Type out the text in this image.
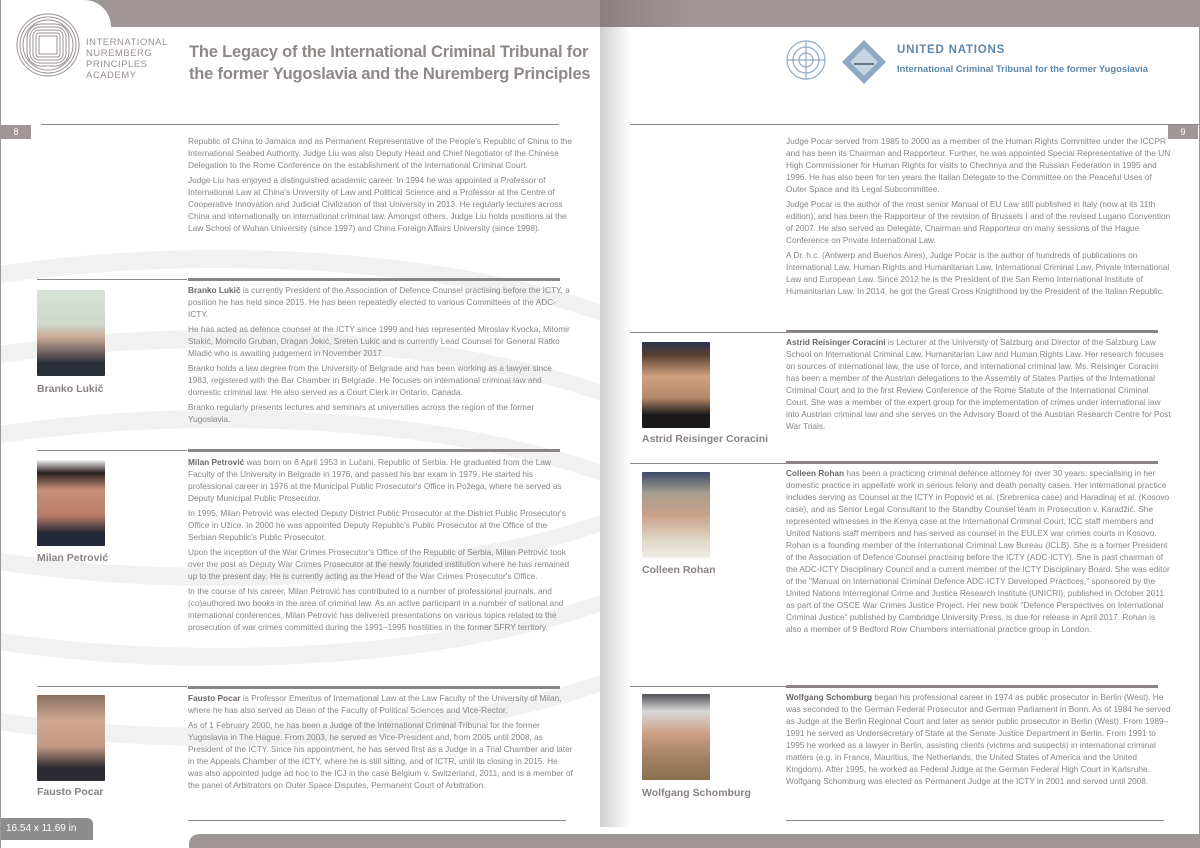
INTERNATIONAL
NUREMBERG
PRINCIPLES
ACADEMY
The Legacy of the International Criminal Tribunal for
the former Yugoslavia and the Nuremberg Principles
8

Republic of China to Jamaica and as Permanent Representative of the People's Republic of China to the International Seabed Authority. Judge Liu was also Deputy Head and Chief Negotiator of the Chinese Delegation to the Rome Conference on the establishment of the International Criminal Court.

Judge Liu has enjoyed a distinguished academic career. In 1994 he was appointed a Professor of International Law at China's University of Law and Political Science and a Professor at the Centre of Cooperative Innovation and Judicial Civilization of that University in 2013. He regularly lectures across China and internationally on international criminal law. Amongst others, Judge Liu holds positions at the Law School of Wuhan University (since 1997) and China Foreign Affairs University (since 1998).

Branko Lukič

Branko Lukič is currently President of the Association of Defence Counsel practising before the ICTY, a position he has held since 2015. He has been repeatedly elected to various Committees of the ADC-ICTY.

He has acted as defence counsel at the ICTY since 1999 and has represented Miroslav Kvocka, Milomir Stakić, Momcilo Gruban, Dragan Jokić, Sreten Lukić and is currently Lead Counsel for General Ratko Mladić who is awaiting judgement in November 2017.

Branko holds a law degree from the University of Belgrade and has been working as a lawyer since 1983, registered with the Bar Chamber in Belgrade. He focuses on international criminal law and domestic criminal law. He also served as a Court Clerk in Ontario, Canada.

Branko regularly presents lectures and seminars at universities across the region of the former Yugoslavia.

Milan Petrović

Milan Petrović was born on 6 April 1953 in Lučani, Republic of Serbia. He graduated from the Law Faculty of the University in Belgrade in 1976, and passed his bar exam in 1979. He started his professional career in 1976 at the Municipal Public Prosecutor's Office in Požega, where he served as Deputy Municipal Public Prosecutor.

In 1995, Milan Petrović was elected Deputy District Public Prosecutor at the District Public Prosecutor's Office in Užice. In 2000 he was appointed Deputy Republic's Public Prosecutor at the Office of the Serbian Republic's Public Prosecutor.

Upon the inception of the War Crimes Prosecutor's Office of the Republic of Serbia, Milan Petrović took over the post as Deputy War Crimes Prosecutor at the newly founded institution where he has remained up to the present day. He is currently acting as the Head of the War Crimes Prosecutor's Office.

In the course of his career, Milan Petrović has contributed to a number of professional journals, and (co)authored two books in the area of criminal law. As an active participant in a number of national and international conferences, Milan Petrović has delivered presentations on various topics related to the prosecution of war crimes committed during the 1991–1995 hostilities in the former SFRY territory.

Fausto Pocar

Fausto Pocar is Professor Emeritus of International Law at the Law Faculty of the University of Milan, where he has also served as Dean of the Faculty of Political Sciences and Vice-Rector.

As of 1 February 2000, he has been a Judge of the International Criminal Tribunal for the former Yugoslavia in The Hague. From 2003, he served as Vice-President and, from 2005 until 2008, as President of the ICTY. Since his appointment, he has served first as a Judge in a Trial Chamber and later in the Appeals Chamber of the ICTY, where he is still sitting, and of ICTR, until its closing in 2015. He was also appointed judge ad hoc to the ICJ in the case Belgium v. Switzerland, 2011, and is a member of the panel of Arbitrators on Outer Space Disputes, Permanent Court of Arbitration.

16.54 x 11.69 in
UNITED NATIONS
International Criminal Tribunal for the former Yugoslavia
9

Judge Pocar served from 1985 to 2000 as a member of the Human Rights Committee under the ICCPR and has been its Chairman and Rapporteur. Further, he was appointed Special Representative of the UN High Commissioner for Human Rights for visits to Chechnya and the Russian Federation in 1995 and 1996. He has also been for ten years the Italian Delegate to the Committee on the Peaceful Uses of Outer Space and its Legal Subcommittee.

Judge Pocar is the author of the most senior Manual of EU Law still published in Italy (now at its 11th edition), and has been the Rapporteur of the revision of Brussels I and of the revised Lugano Convention of 2007. He also served as Delegate, Chairman and Rapporteur on many sessions of the Hague Conference on Private International Law.

A Dr. h.c. (Antwerp and Buenos Aires), Judge Pocar is the author of hundreds of publications on International Law, Human Rights and Humanitarian Law, International Criminal Law, Private International Law and European Law. Since 2012 he is the President of the San Remo International Institute of Humanitarian Law. In 2014, he got the Great Cross Knighthood by the President of the Italian Republic.

Astrid Reisinger Coracini

Astrid Reisinger Coracini is Lecturer at the University of Salzburg and Director of the Salzburg Law School on International Criminal Law, Humanitarian Law and Human Rights Law. Her research focuses on sources of international law, the use of force, and international criminal law. Ms. Reisinger Coracini has been a member of the Austrian delegations to the Assembly of States Parties of the International Criminal Court and to the first Review Conference of the Rome Statute of the International Criminal Court. She was a member of the expert group for the implementation of crimes under international law into Austrian criminal law and she serves on the Advisory Board of the Austrian Research Centre for Post War Trials.

Colleen Rohan

Colleen Rohan has been a practicing criminal defence attorney for over 30 years; specialising in her domestic practice in appellate work in serious felony and death penalty cases. Her international practice includes serving as Counsel at the ICTY in Popović et al. (Srebrenica case) and Haradinaj et al. (Kosovo case), and as Senior Legal Consultant to the Standby Counsel team in Prosecution v. Karadžić. She represented witnesses in the Kenya case at the International Criminal Court, ICC staff members and United Nations staff members and has served as counsel in the EULEX war crimes courts in Kosovo. Rohan is a founding member of the International Criminal Law Bureau (ICLB). She is a former President of the Association of Defence Counsel practising before the ICTY (ADC-ICTY). She is past chairman of the ADC-ICTY Disciplinary Council and a current member of the ICTY Disciplinary Board. She was editor of the "Manual on International Criminal Defence ADC-ICTY Developed Practices," sponsored by the United Nations Interregional Crime and Justice Research Institute (UNICRI), published in October 2011 as part of the OSCE War Crimes Justice Project. Her new book "Defence Perspectives on International Criminal Justice" published by Cambridge University Press, is due for release in April 2017. Rohan is also a member of 9 Bedford Row Chambers international practice group in London.

Wolfgang Schomburg

Wolfgang Schomburg began his professional career in 1974 as public prosecutor in Berlin (West). He was seconded to the German Federal Prosecutor and German Parliament in Bonn. As of 1984 he served as Judge at the Berlin Regional Court and later as senior public prosecutor in Berlin (West). From 1989–1991 he served as Undersecretary of State at the Senate Justice Department in Berlin. From 1991 to 1995 he worked as a lawyer in Berlin, assisting clients (victims and suspects) in international criminal matters (e.g. in France, Mauritius, the Netherlands, the United States of America and the United Kingdom). After 1995, he worked as Federal Judge at the German Federal High Court in Karlsruhe. Wolfgang Schomburg was elected as Permanent Judge at the ICTY in 2001 and served until 2008.
